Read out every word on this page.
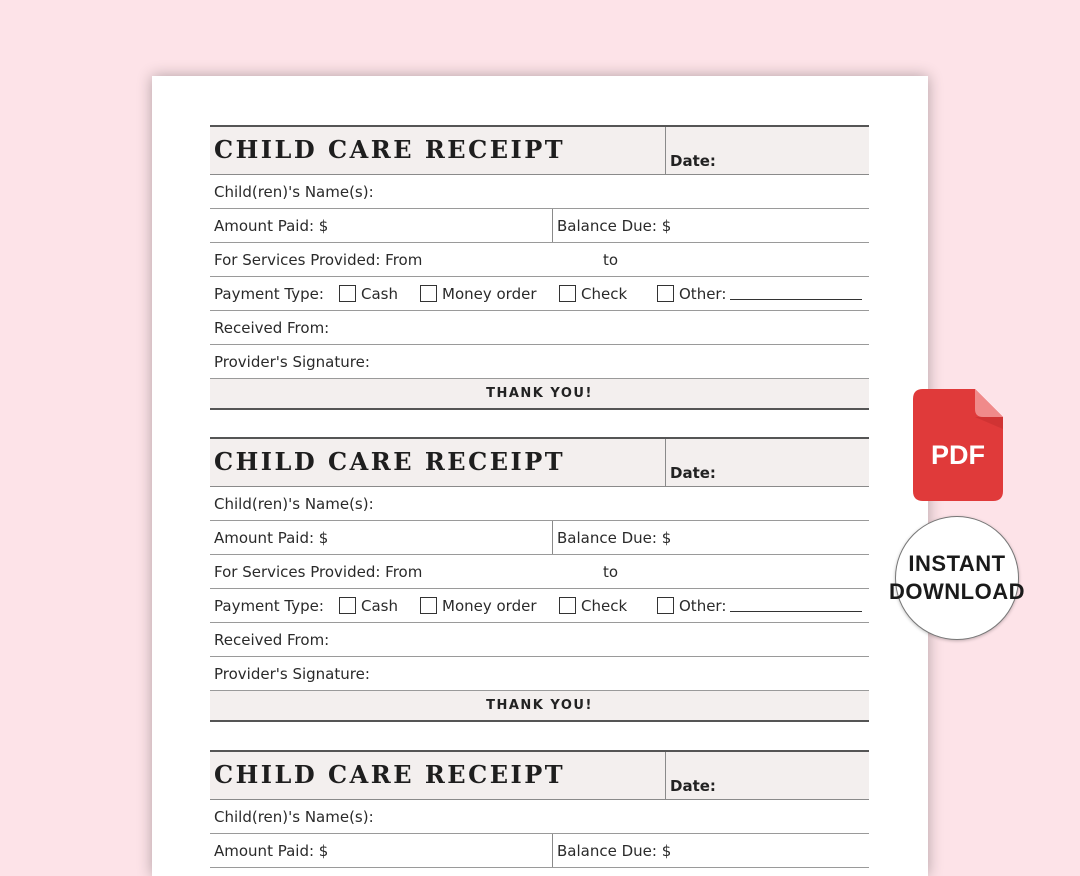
CHILD CARE RECEIPT	Date:
Child(ren)'s Name(s):
Amount Paid: $	Balance Due: $
For Services Provided: From	to
Payment Type:	Cash	Money order	Check	Other:
Received From:
Provider's Signature:
THANK YOU!
CHILD CARE RECEIPT	Date:
Child(ren)'s Name(s):
Amount Paid: $	Balance Due: $
For Services Provided: From	to
Payment Type:	Cash	Money order	Check	Other:
Received From:
Provider's Signature:
THANK YOU!
CHILD CARE RECEIPT	Date:
Child(ren)'s Name(s):
Amount Paid: $	Balance Due: $
PDF
INSTANT
DOWNLOAD
